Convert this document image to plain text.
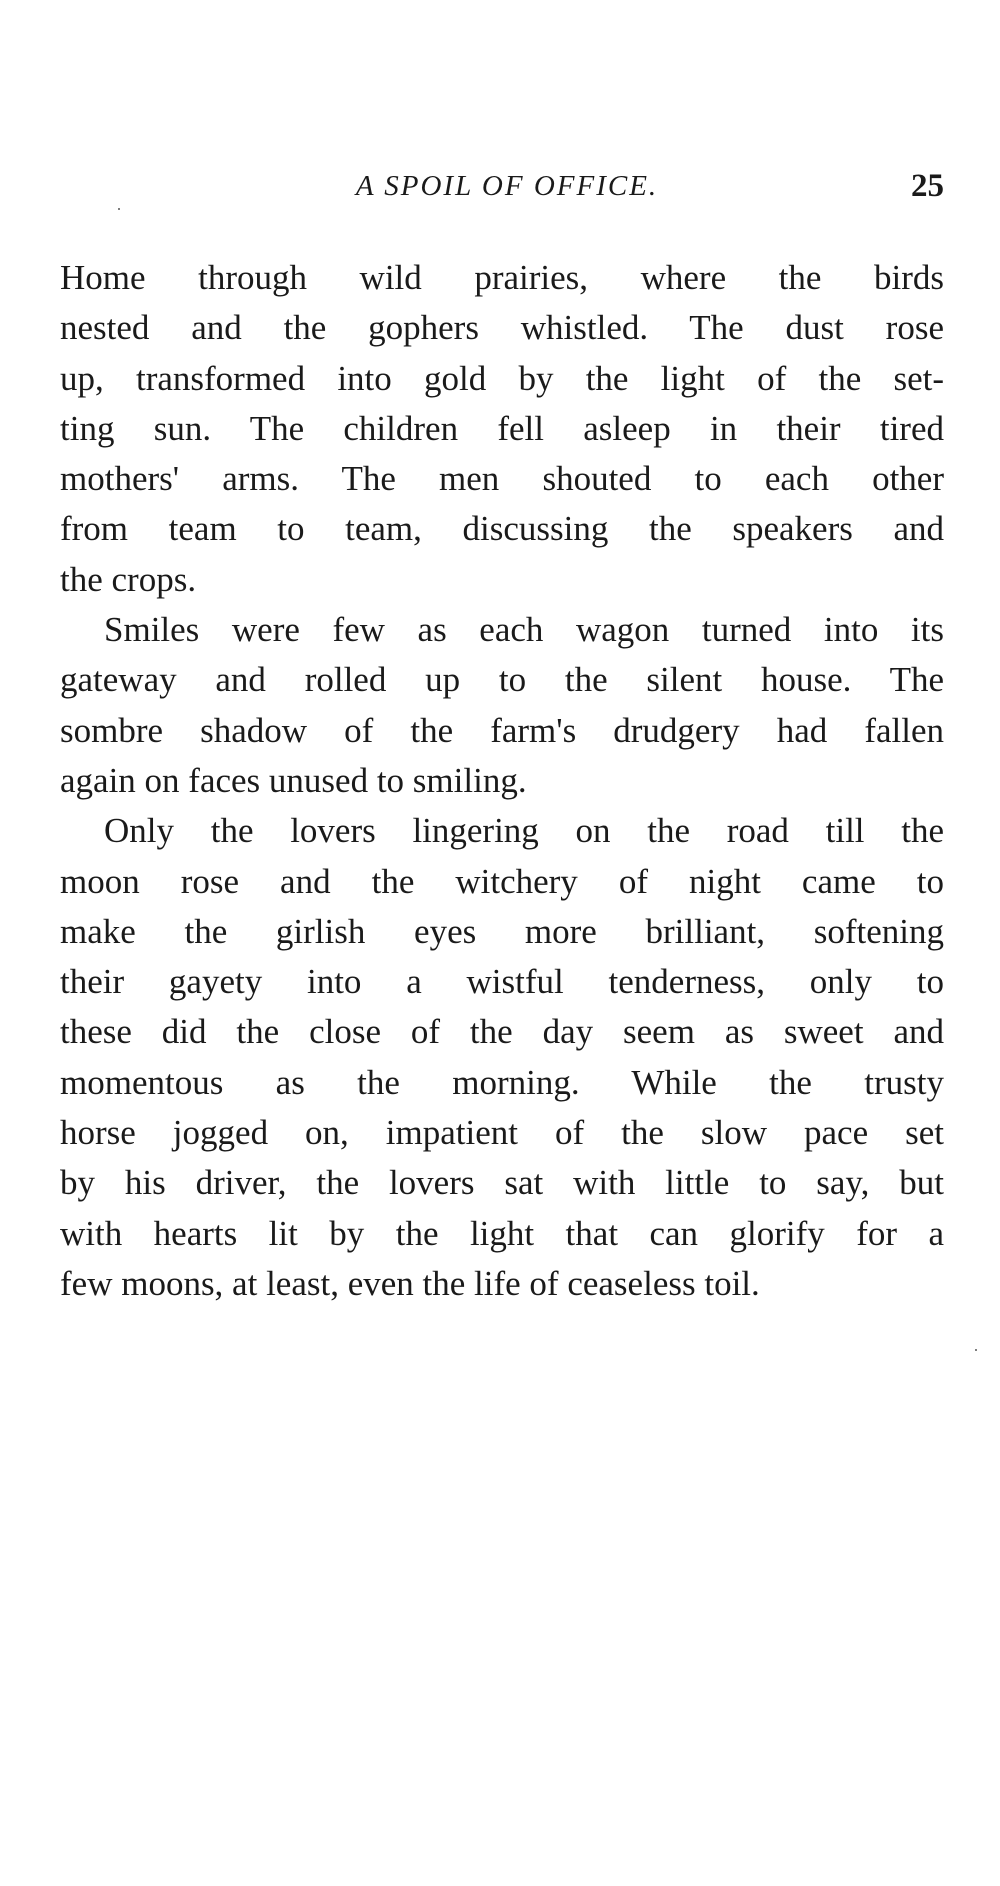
A SPOIL OF OFFICE.	25

Home through wild prairies, where the birds
nested and the gophers whistled. The dust rose
up, transformed into gold by the light of the set-
ting sun. The children fell asleep in their tired
mothers' arms. The men shouted to each other
from team to team, discussing the speakers and
the crops.

Smiles were few as each wagon turned into its
gateway and rolled up to the silent house. The
sombre shadow of the farm's drudgery had fallen
again on faces unused to smiling.

Only the lovers lingering on the road till the
moon rose and the witchery of night came to
make the girlish eyes more brilliant, softening
their gayety into a wistful tenderness, only to
these did the close of the day seem as sweet and
momentous as the morning. While the trusty
horse jogged on, impatient of the slow pace set
by his driver, the lovers sat with little to say, but
with hearts lit by the light that can glorify for a
few moons, at least, even the life of ceaseless toil.
